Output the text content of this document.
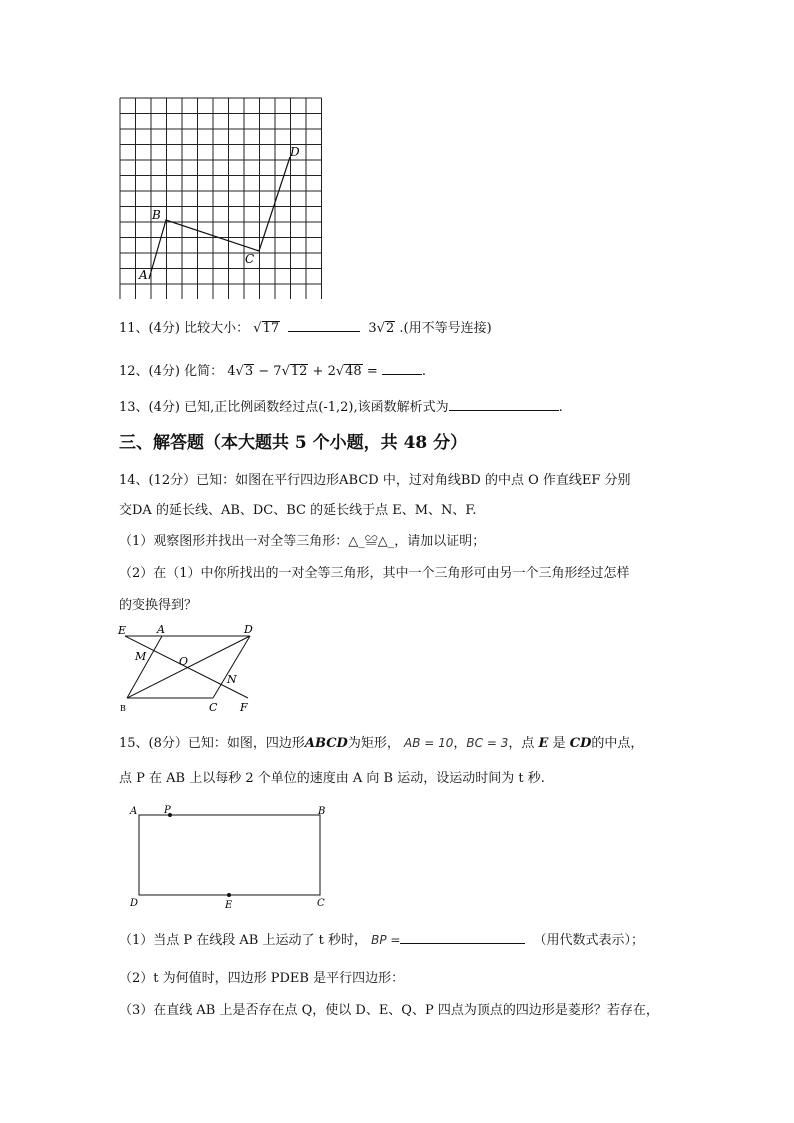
A
B
C
D
11、(4分) 比较大小： √17	3√2 .(用不等号连接)
12、(4分) 化简： 4√3 − 7√12 + 2√48 =	.
13、(4分) 已知,正比例函数经过点(-1,2),该函数解析式为	.
三、解答题（本大题共 5 个小题，共 48 分）
14、(12分）已知：如图在平行四边形ABCD 中，过对角线BD 的中点 O 作直线EF 分别
交DA 的延长线、AB、DC、BC 的延长线于点 E、M、N、F.
（1）观察图形并找出一对全等三角形：△_≌△_，请加以证明；
（2）在（1）中你所找出的一对全等三角形，其中一个三角形可由另一个三角形经过怎样
的变换得到？
E	A	D
M	O
N
B	C F
15、(8分）已知：如图，四边形ABCD为矩形， AB = 10，BC = 3，点 E 是 CD的中点，
点 P 在 AB 上以每秒 2 个单位的速度由 A 向 B 运动，设运动时间为 t 秒.
A	P	B
D	E	C
（1）当点 P 在线段 AB 上运动了 t 秒时， BP =	（用代数式表示）；
（2）t 为何值时，四边形 PDEB 是平行四边形：
（3）在直线 AB 上是否存在点 Q，使以 D、E、Q、P 四点为顶点的四边形是菱形？若存在，
